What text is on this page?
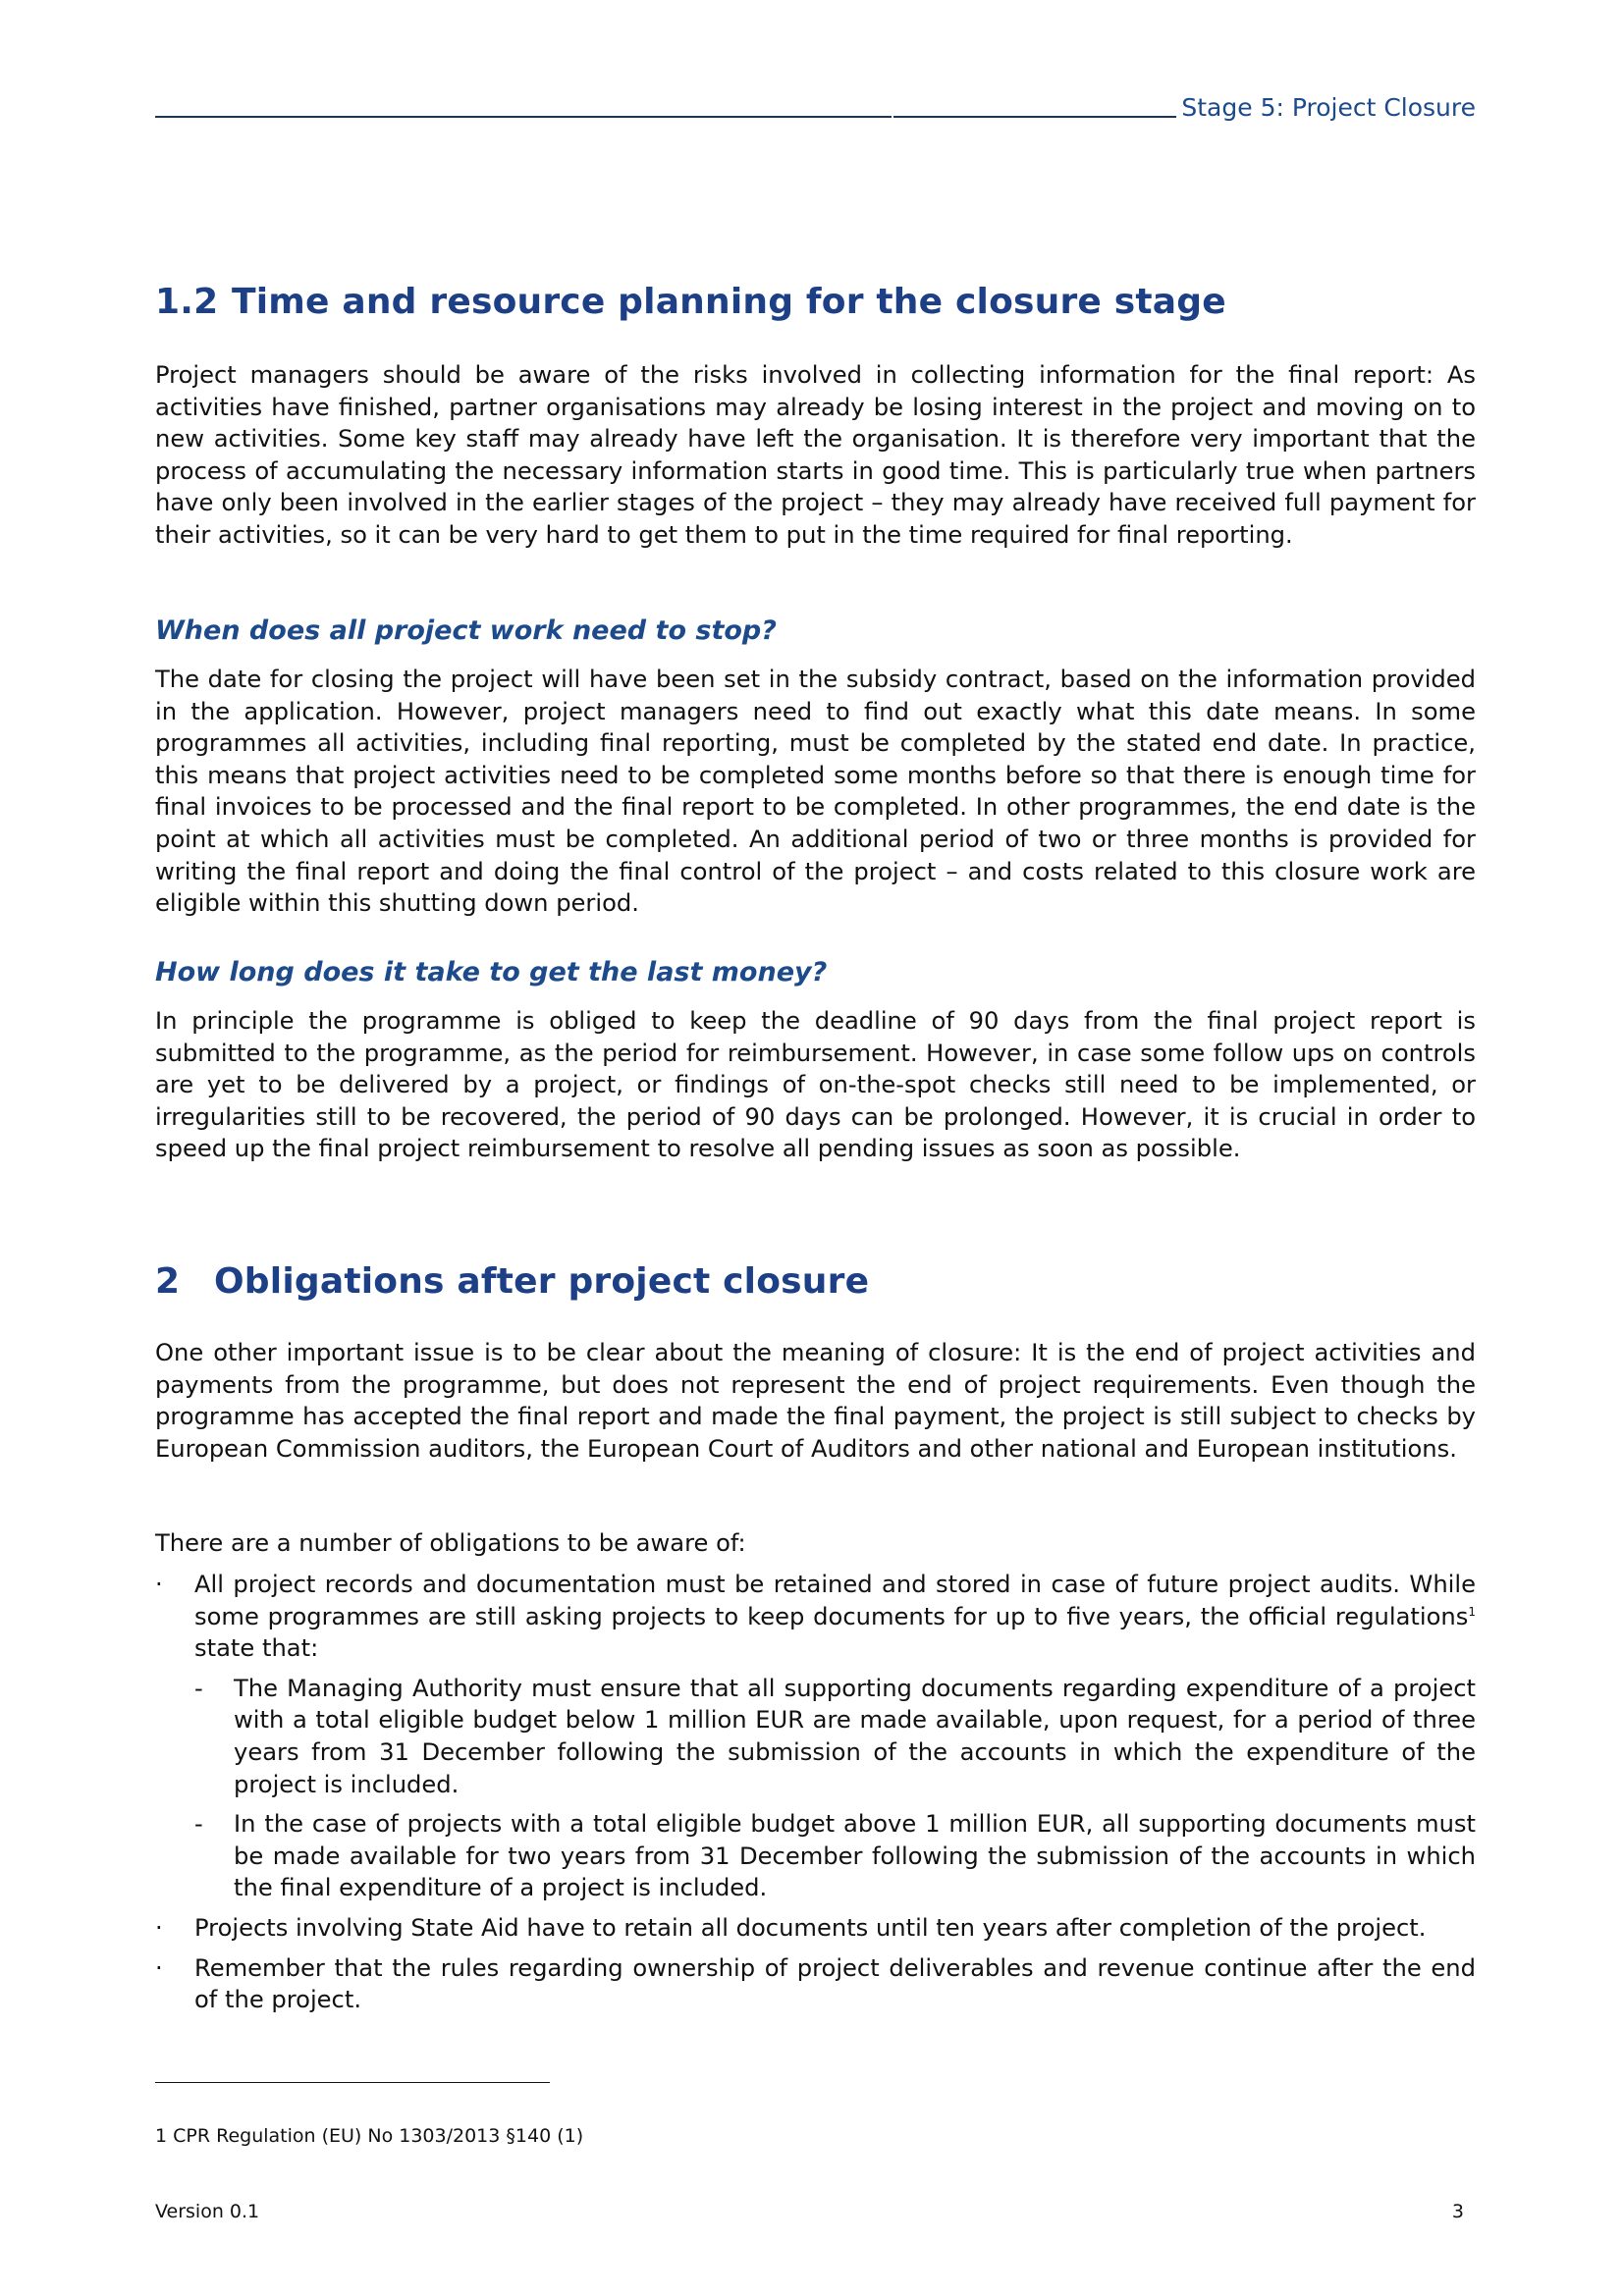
Stage 5: Project Closure
1.2 Time and resource planning for the closure stage

Project managers should be aware of the risks involved in collecting information for the final report: As activities have finished, partner organisations may already be losing interest in the project and moving on to new activities. Some key staff may already have left the organisation. It is therefore very important that the process of accumulating the necessary information starts in good time. This is particularly true when partners have only been involved in the earlier stages of the project – they may already have received full payment for their activities, so it can be very hard to get them to put in the time required for final reporting.

When does all project work need to stop?

The date for closing the project will have been set in the subsidy contract, based on the information provided in the application. However, project managers need to find out exactly what this date means. In some programmes all activities, including final reporting, must be completed by the stated end date. In practice, this means that project activities need to be completed some months before so that there is enough time for final invoices to be processed and the final report to be completed. In other programmes, the end date is the point at which all activities must be completed. An additional period of two or three months is provided for writing the final report and doing the final control of the project – and costs related to this closure work are eligible within this shutting down period.

How long does it take to get the last money?

In principle the programme is obliged to keep the deadline of 90 days from the final project report is submitted to the programme, as the period for reimbursement. However, in case some follow ups on controls are yet to be delivered by a project, or findings of on-the-spot checks still need to be implemented, or irregularities still to be recovered, the period of 90 days can be prolonged. However, it is crucial in order to speed up the final project reimbursement to resolve all pending issues as soon as possible.

2 Obligations after project closure

One other important issue is to be clear about the meaning of closure: It is the end of project activities and payments from the programme, but does not represent the end of project requirements. Even though the programme has accepted the final report and made the final payment, the project is still subject to checks by European Commission auditors, the European Court of Auditors and other national and European institutions.

There are a number of obligations to be aware of:

·	All project records and documentation must be retained and stored in case of future project audits. While some programmes are still asking projects to keep documents for up to five years, the official regulations$^1$ state that:
-	The Managing Authority must ensure that all supporting documents regarding expenditure of a project with a total eligible budget below 1 million EUR are made available, upon request, for a period of three years from 31 December following the submission of the accounts in which the expenditure of the project is included.
-	In the case of projects with a total eligible budget above 1 million EUR, all supporting documents must be made available for two years from 31 December following the submission of the accounts in which the final expenditure of a project is included.
·	Projects involving State Aid have to retain all documents until ten years after completion of the project.
·	Remember that the rules regarding ownership of project deliverables and revenue continue after the end of the project.
1 CPR Regulation (EU) No 1303/2013 §140 (1)
Version 0.1	3
